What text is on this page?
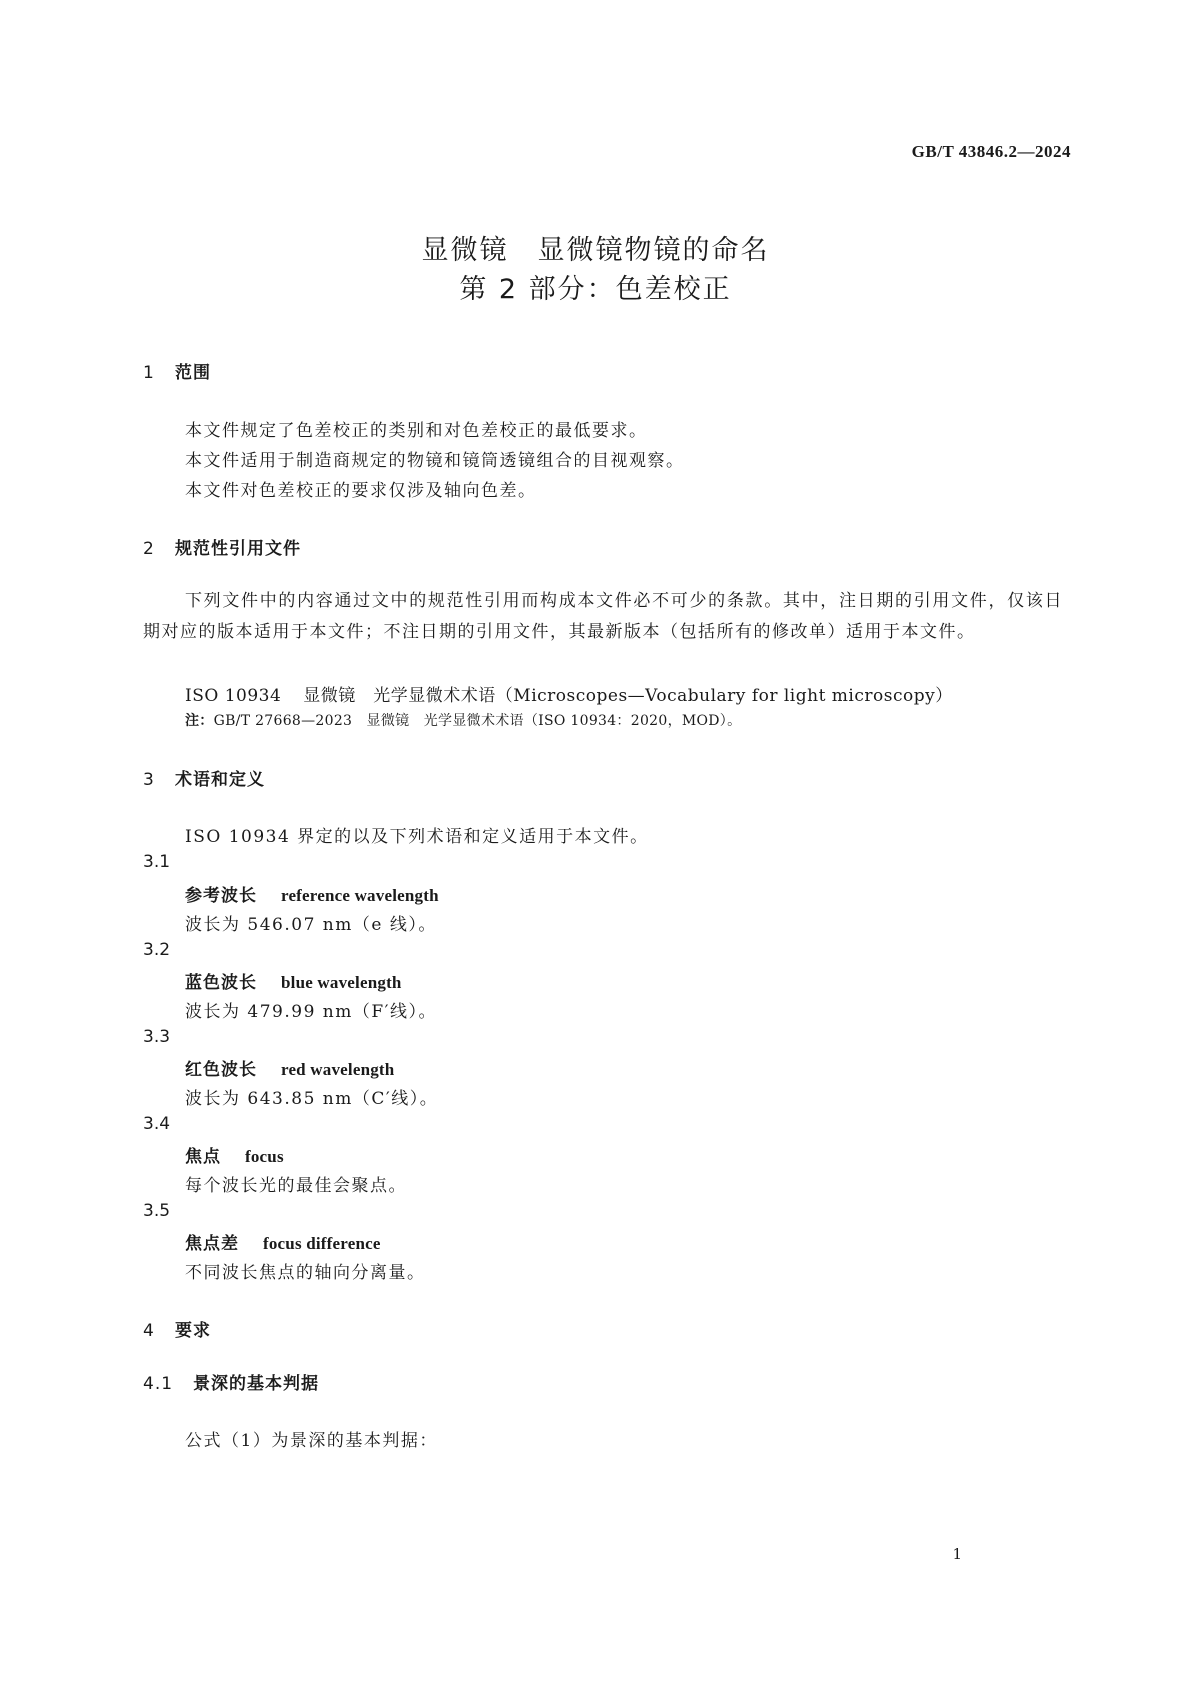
GB/T 43846.2—2024
显微镜　显微镜物镜的命名
第 2 部分：色差校正
1 范围
本文件规定了色差校正的类别和对色差校正的最低要求。
本文件适用于制造商规定的物镜和镜筒透镜组合的目视观察。
本文件对色差校正的要求仅涉及轴向色差。
2 规范性引用文件
下列文件中的内容通过文中的规范性引用而构成本文件必不可少的条款。其中，注日期的引用文件，仅该日期对应的版本适用于本文件；不注日期的引用文件，其最新版本（包括所有的修改单）适用于本文件。
ISO 10934 显微镜　光学显微术术语（Microscopes—Vocabulary for light microscopy）
注：GB/T 27668—2023　显微镜　光学显微术术语（ISO 10934：2020，MOD）。
3 术语和定义
ISO 10934 界定的以及下列术语和定义适用于本文件。
3.1
参考波长 reference wavelength
波长为 546.07 nm（e 线）。
3.2
蓝色波长 blue wavelength
波长为 479.99 nm（F′线）。
3.3
红色波长 red wavelength
波长为 643.85 nm（C′线）。
3.4
焦点 focus
每个波长光的最佳会聚点。
3.5
焦点差 focus difference
不同波长焦点的轴向分离量。
4 要求
4.1 景深的基本判据
公式（1）为景深的基本判据：
1
